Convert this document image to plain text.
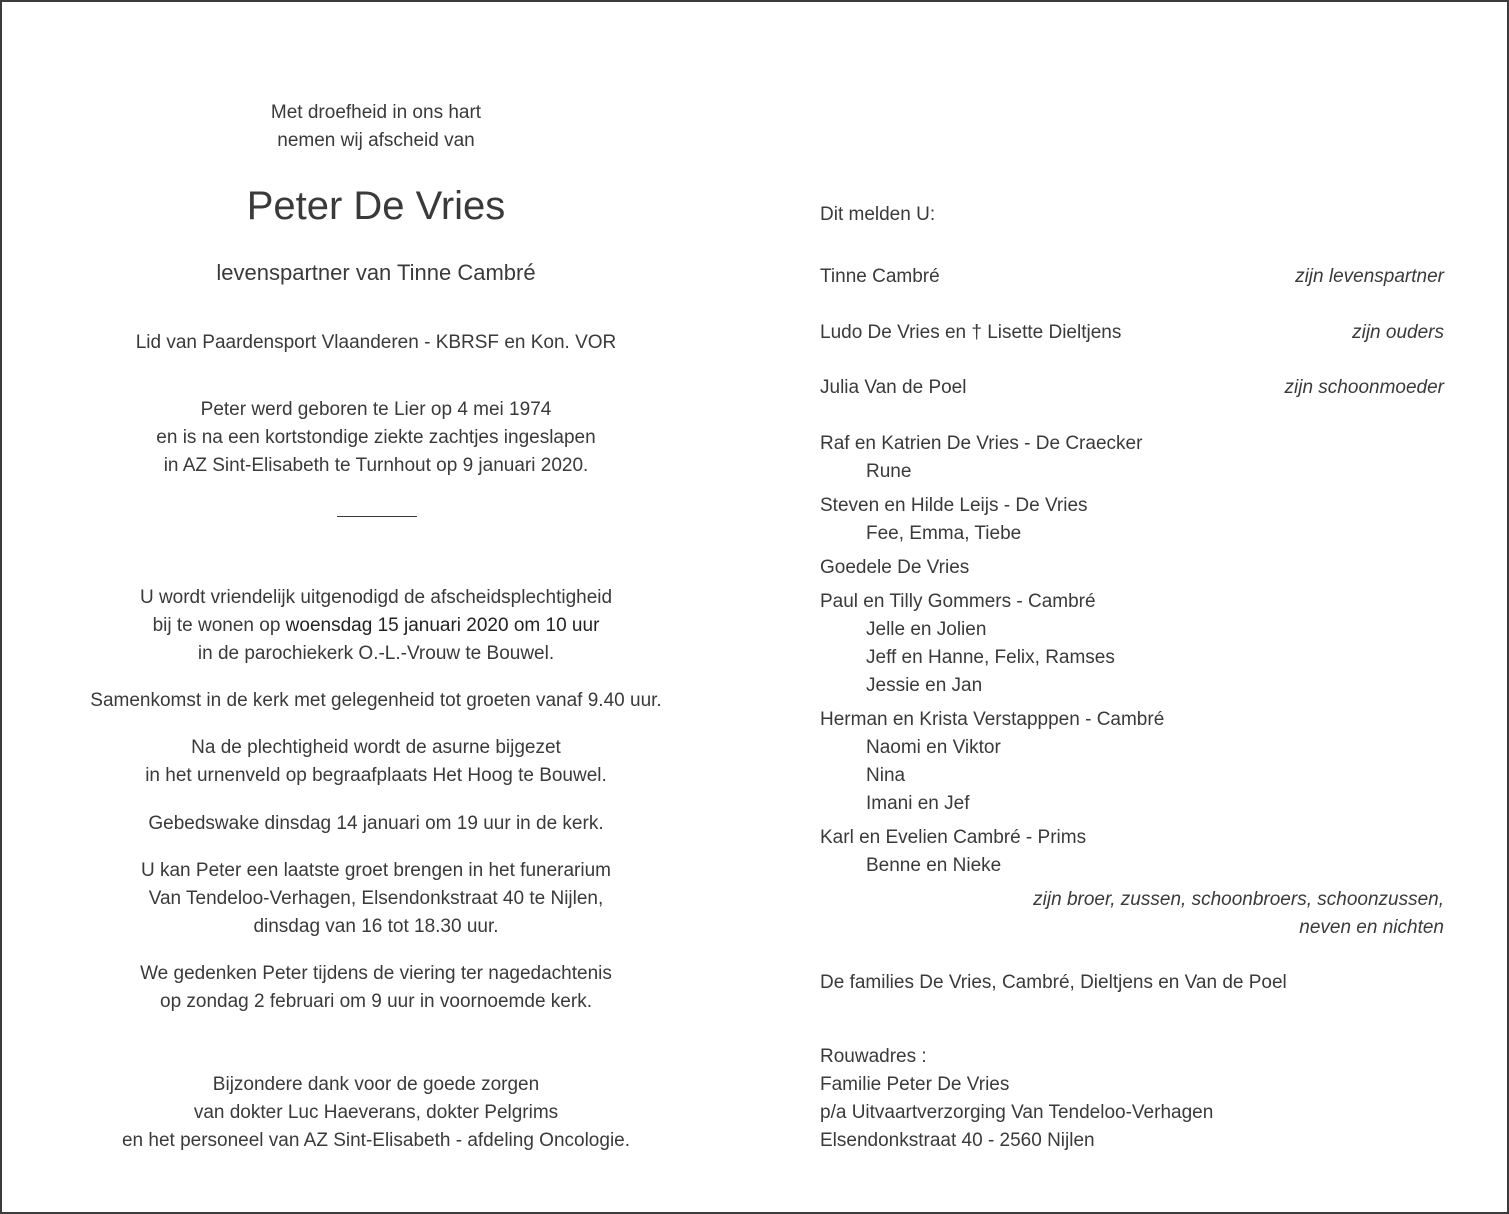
Met droefheid in ons hart
nemen wij afscheid van
Peter De Vries
levenspartner van Tinne Cambré
Lid van Paardensport Vlaanderen - KBRSF en Kon. VOR
Peter werd geboren te Lier op 4 mei 1974
en is na een kortstondige ziekte zachtjes ingeslapen
in AZ Sint-Elisabeth te Turnhout op 9 januari 2020.
U wordt vriendelijk uitgenodigd de afscheidsplechtigheid
bij te wonen op woensdag 15 januari 2020 om 10 uur
in de parochiekerk O.-L.-Vrouw te Bouwel.
Samenkomst in de kerk met gelegenheid tot groeten vanaf 9.40 uur.
Na de plechtigheid wordt de asurne bijgezet
in het urnenveld op begraafplaats Het Hoog te Bouwel.
Gebedswake dinsdag 14 januari om 19 uur in de kerk.
U kan Peter een laatste groet brengen in het funerarium
Van Tendeloo-Verhagen, Elsendonkstraat 40 te Nijlen,
dinsdag van 16 tot 18.30 uur.
We gedenken Peter tijdens de viering ter nagedachtenis
op zondag 2 februari om 9 uur in voornoemde kerk.
Bijzondere dank voor de goede zorgen
van dokter Luc Haeverans, dokter Pelgrims
en het personeel van AZ Sint-Elisabeth - afdeling Oncologie.
Dit melden U:
Tinne Cambré	zijn levenspartner
Ludo De Vries en † Lisette Dieltjens	zijn ouders
Julia Van de Poel	zijn schoonmoeder
Raf en Katrien De Vries - De Craecker
Rune
Steven en Hilde Leijs - De Vries
Fee, Emma, Tiebe
Goedele De Vries
Paul en Tilly Gommers - Cambré
Jelle en Jolien
Jeff en Hanne, Felix, Ramses
Jessie en Jan
Herman en Krista Verstapppen - Cambré
Naomi en Viktor
Nina
Imani en Jef
Karl en Evelien Cambré - Prims
Benne en Nieke
zijn broer, zussen, schoonbroers, schoonzussen,
neven en nichten
De families De Vries, Cambré, Dieltjens en Van de Poel
Rouwadres :
Familie Peter De Vries
p/a Uitvaartverzorging Van Tendeloo-Verhagen
Elsendonkstraat 40 - 2560 Nijlen
